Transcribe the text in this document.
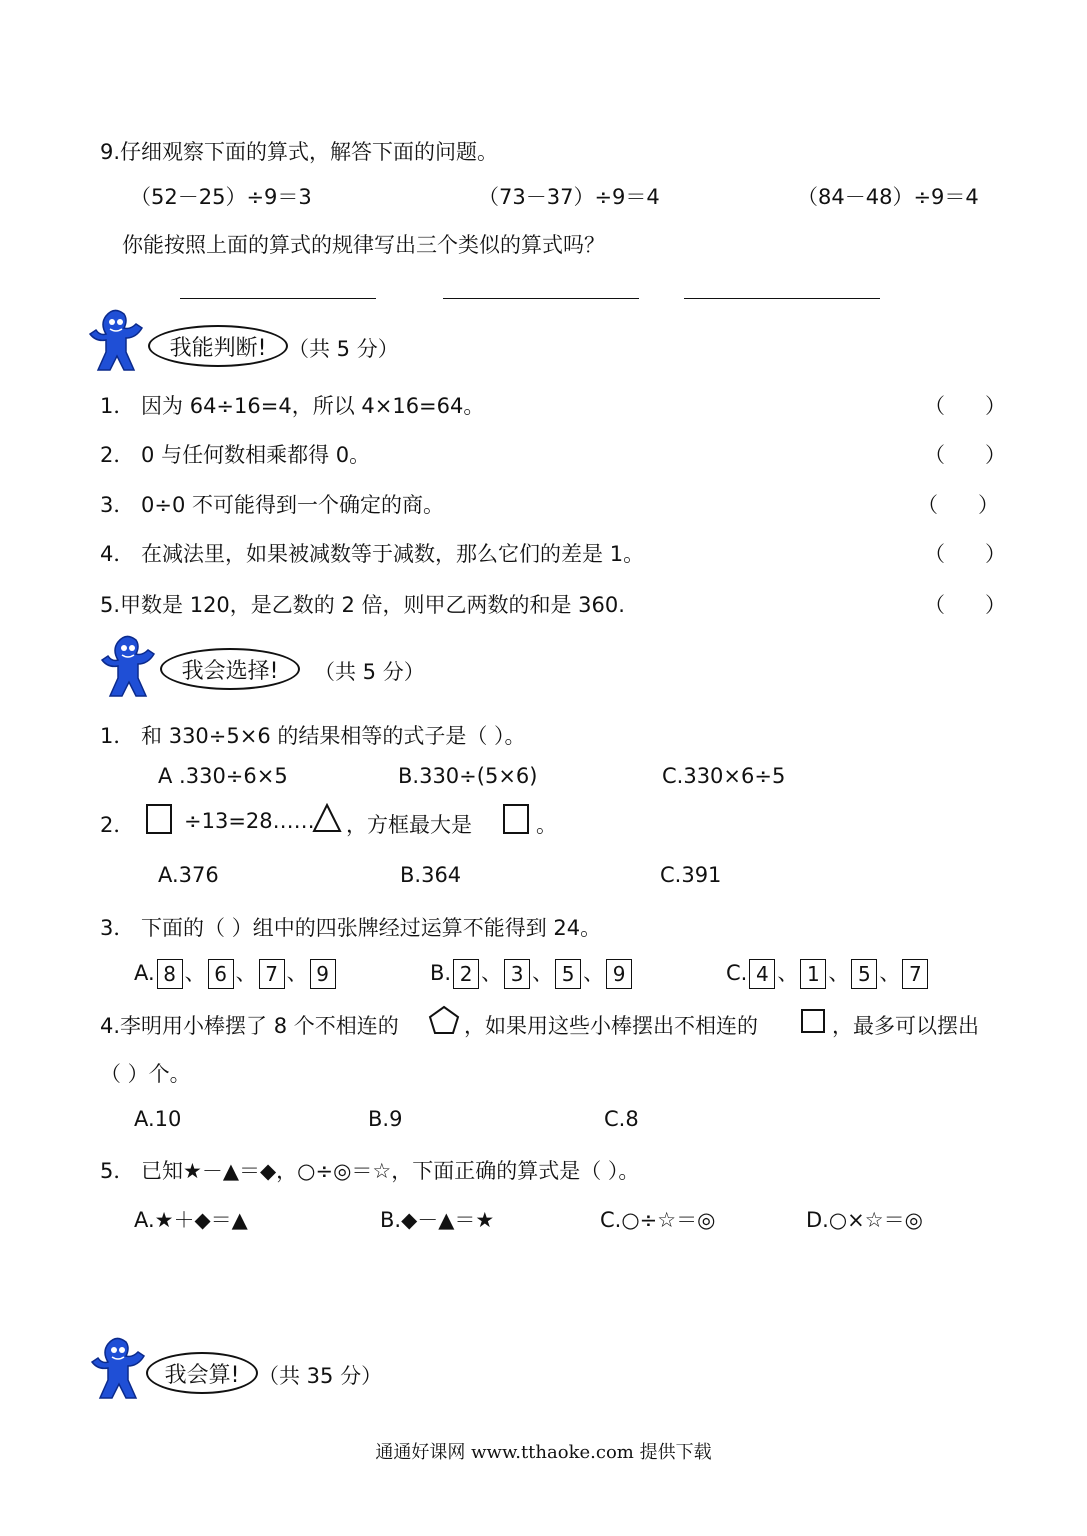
9.仔细观察下面的算式，解答下面的问题。
（52－25）÷9＝3	（73－37）÷9＝4	（84－48）÷9＝4
你能按照上面的算式的规律写出三个类似的算式吗？
我能判断!	（共 5 分）
1． 因为 64÷16=4，所以 4×16=64。	（      ）
2． 0 与任何数相乘都得 0。	（      ）
3． 0÷0 不可能得到一个确定的商。	（      ）
4． 在减法里，如果被减数等于减数，那么它们的差是 1。	（      ）
5.甲数是 120，是乙数的 2 倍，则甲乙两数的和是 360.	（      ）
我会选择!	（共 5 分）
1． 和 330÷5×6 的结果相等的式子是（ ）。
A .330÷6×5	B.330÷(5×6)	C.330×6÷5
2． ÷13=28…… ，方框最大是	。
A.376	B.364	C.391
3． 下面的（ ）组中的四张牌经过运算不能得到 24。
A. 8 、 6 、 7 、 9	B. 2 、 3 、 5 、 9	C. 4 、 1 、 5 、 7
4.李明用小棒摆了 8 个不相连的	，如果用这些小棒摆出不相连的	，最多可以摆出
（ ）个。
A.10	B.9	C.8
5． 已知★－▲＝◆，○÷◎＝☆，下面正确的算式是（ ）。
A.★＋◆＝▲	B.◆－▲＝★	C.○÷☆＝◎	D.○×☆＝◎
我会算! （共 35 分）
通通好课网 www.tthaoke.com 提供下载
